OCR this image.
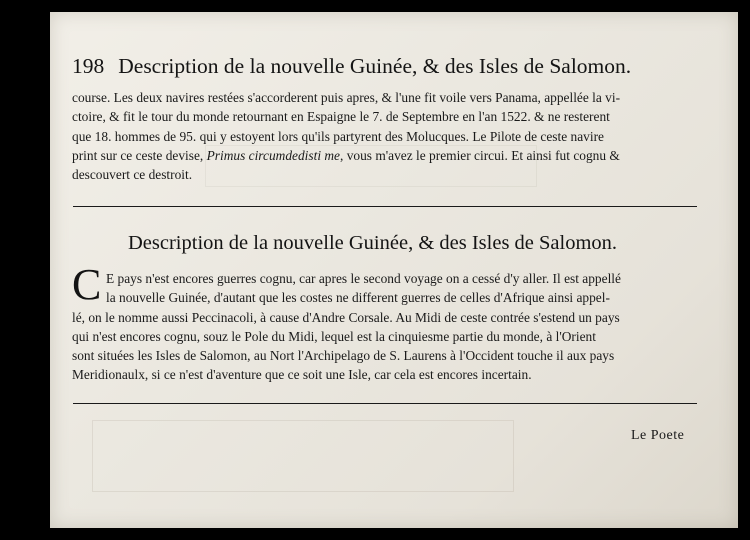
198 Description de la nouvelle Guinée, & des Isles de Salomon.
course. Les deux navires restées s'accorderent puis apres, & l'une fit voile vers Panama, appellée la vi-
ctoire, & fit le tour du monde retournant en Espaigne le 7. de Septembre en l'an 1522. & ne resterent
que 18. hommes de 95. qui y estoyent lors qu'ils partyrent des Molucques. Le Pilote de ceste navire
print sur ce ceste devise, Primus circumdedisti me, vous m'avez le premier circui. Et ainsi fut cognu &
descouvert ce destroit.
Description de la nouvelle Guinée, & des Isles de Salomon.
C E pays n'est encores guerres cognu, car apres le second voyage on a cessé d'y aller. Il est appellé
la nouvelle Guinée, d'autant que les costes ne different guerres de celles d'Afrique ainsi appel-
lé, on le nomme aussi Peccinacoli, à cause d'Andre Corsale. Au Midi de ceste contrée s'estend un pays
qui n'est encores cognu, souz le Pole du Midi, lequel est la cinquiesme partie du monde, à l'Orient
sont situées les Isles de Salomon, au Nort l'Archipelago de S. Laurens à l'Occident touche il aux pays
Meridionaulx, si ce n'est d'aventure que ce soit une Isle, car cela est encores incertain.
Le Poete
